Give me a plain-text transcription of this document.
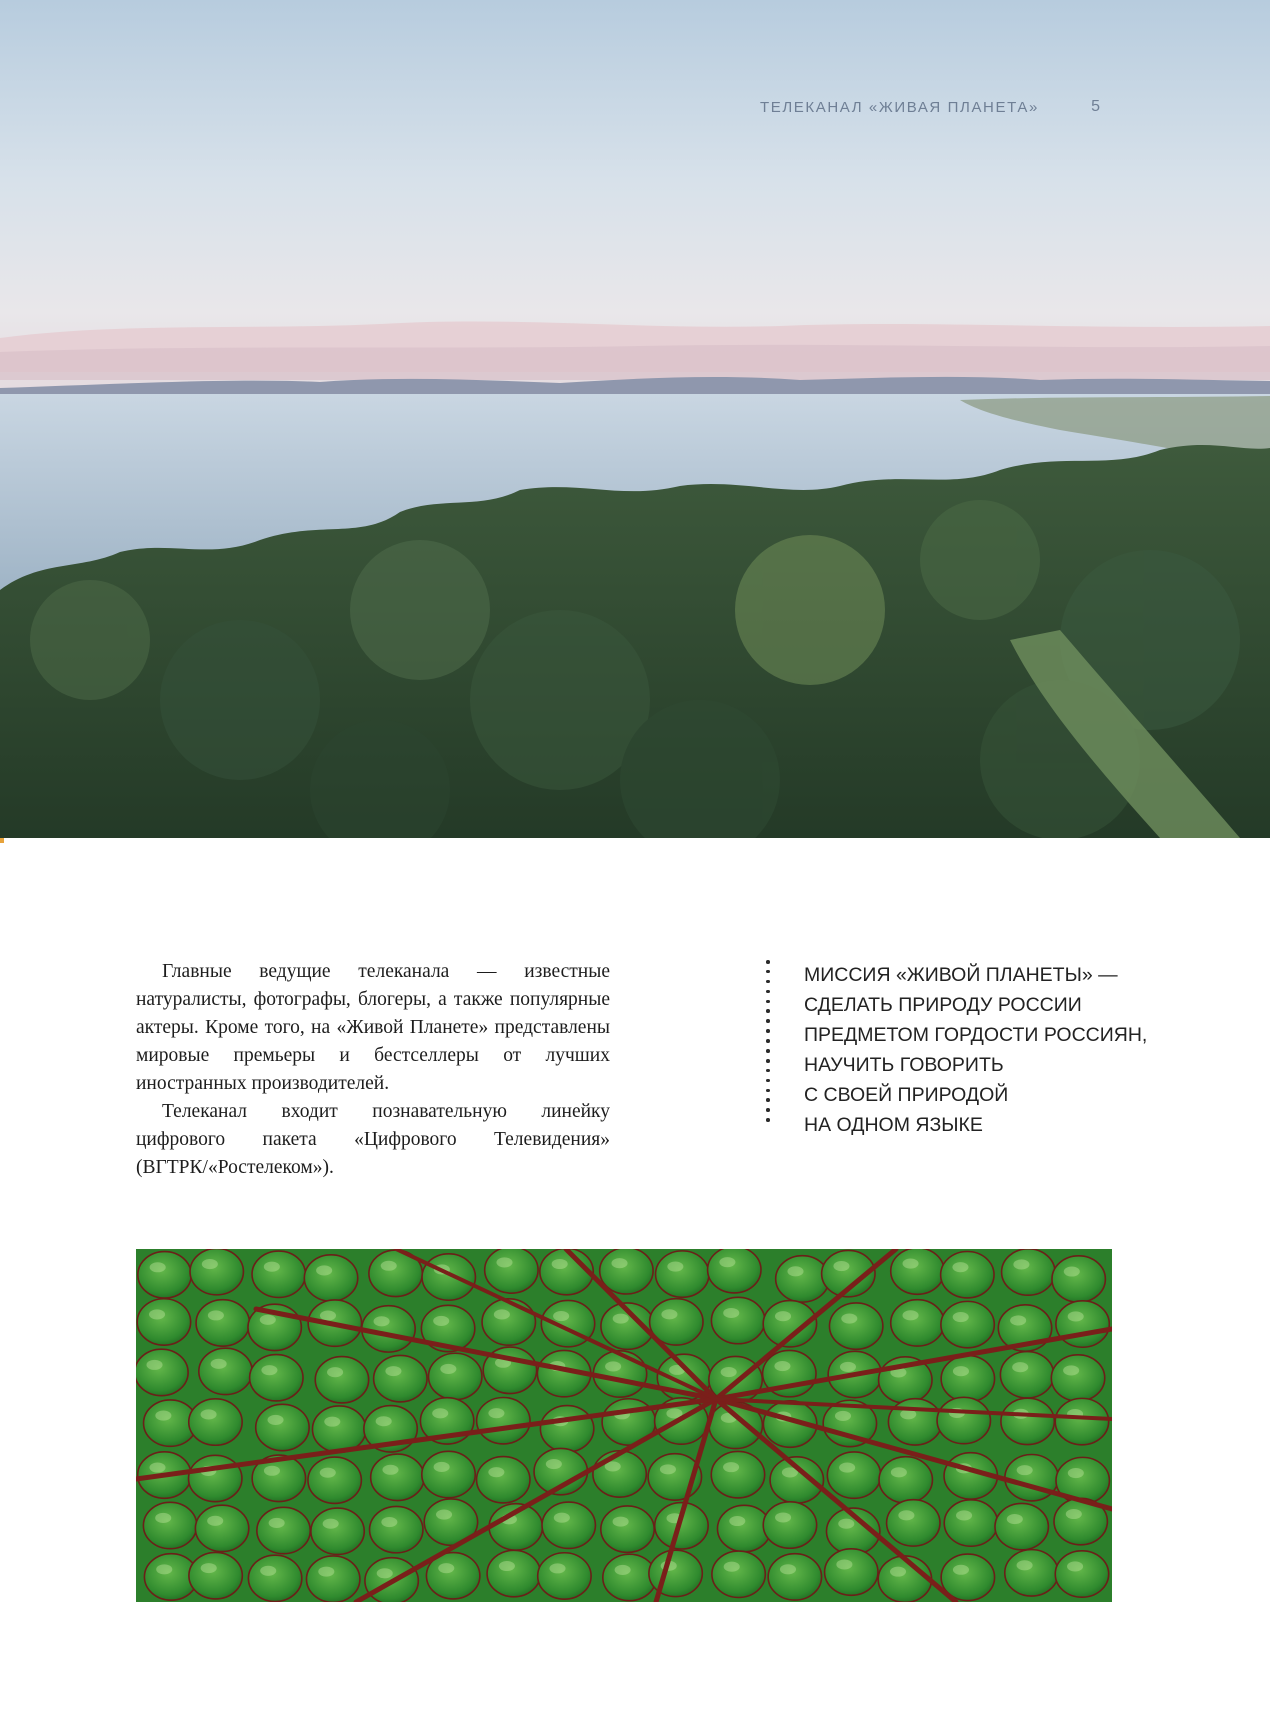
ТЕЛЕКАНАЛ «ЖИВАЯ ПЛАНЕТА»	5

Главные ведущие телеканала — известные натуралисты, фотографы, блогеры, а также популярные актеры. Кроме того, на «Живой Планете» представлены мировые премьеры и бестселлеры от лучших иностранных производителей.

Телеканал входит познавательную линейку цифрового пакета «Цифрового Телевидения» (ВГТРК/«Ростелеком»).

МИССИЯ «ЖИВОЙ ПЛАНЕТЫ» —
СДЕЛАТЬ ПРИРОДУ РОССИИ
ПРЕДМЕТОМ ГОРДОСТИ РОССИЯН,
НАУЧИТЬ ГОВОРИТЬ
С СВОЕЙ ПРИРОДОЙ
НА ОДНОМ ЯЗЫКЕ
